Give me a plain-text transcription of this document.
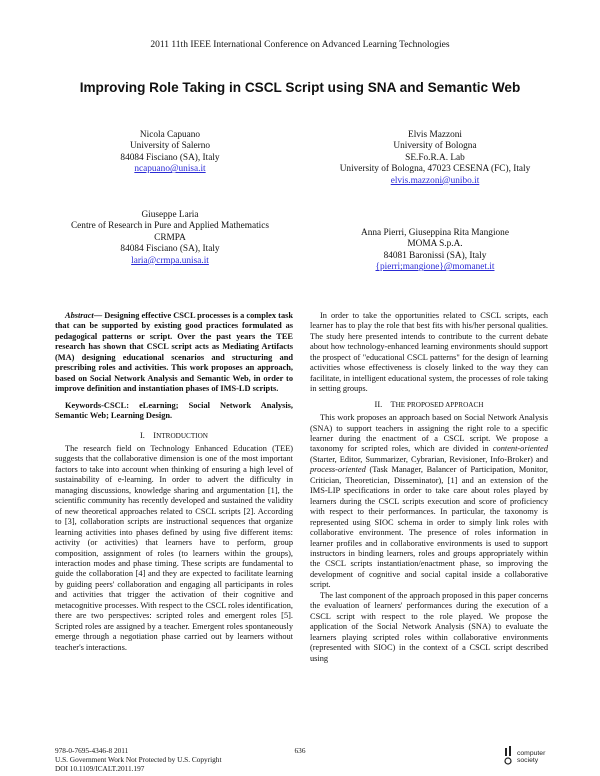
2011 11th IEEE International Conference on Advanced Learning Technologies
Improving Role Taking in CSCL Script using SNA and Semantic Web
Nicola Capuano
University of Salerno
84084 Fisciano (SA), Italy
ncapuano@unisa.it
Elvis Mazzoni
University of Bologna
SE.Fo.R.A. Lab
University of Bologna, 47023 CESENA (FC), Italy
elvis.mazzoni@unibo.it
Giuseppe Laria
Centre of Research in Pure and Applied Mathematics
CRMPA
84084 Fisciano (SA), Italy
laria@crmpa.unisa.it
Anna Pierri, Giuseppina Rita Mangione
MOMA S.p.A.
84081 Baronissi (SA), Italy
{pierri;mangione}@momanet.it

Abstract— Designing effective CSCL processes is a complex task that can be supported by existing good practices formulated as pedagogical patterns or script. Over the past years the TEE research has shown that CSCL script acts as Mediating Artifacts (MA) designing educational scenarios and structuring and prescribing roles and activities. This work proposes an approach, based on Social Network Analysis and Semantic Web, in order to improve definition and instantiation phases of IMS-LD scripts.

Keywords-CSCL: eLearning; Social Network Analysis, Semantic Web; Learning Design.

I. INTRODUCTION

The research field on Technology Enhanced Education (TEE) suggests that the collaborative dimension is one of the most important factors to take into account when thinking of ensuring a high level of sustainability of e-learning. In order to advert the difficulty in managing discussions, knowledge sharing and argumentation [1], the scientific community has recently developed and sustained the validity of new theoretical approaches related to CSCL scripts [2]. According to [3], collaboration scripts are instructional sequences that organize learning activities into phases defined by using five different items: activity (or activities) that learners have to perform, group composition, assignment of roles (to learners within the groups), interaction modes and phase timing. These scripts are fundamental to guide the collaboration [4] and they are expected to facilitate learning by guiding peers' collaboration and engaging all participants in roles and activities that trigger the activation of their cognitive and metacognitive processes. With respect to the CSCL roles identification, there are two perspectives: scripted roles and emergent roles [5]. Scripted roles are assigned by a teacher. Emergent roles spontaneously emerge through a negotiation phase carried out by learners without teacher's interactions.

In order to take the opportunities related to CSCL scripts, each learner has to play the role that best fits with his/her personal qualities. The study here presented intends to contribute to the current debate about how technology-enhanced learning environments should support the prospect of "educational CSCL patterns" for the design of learning activities whose effectiveness is closely linked to the way they can facilitate, in intelligent educational system, the processes of role taking in setting groups.

II. THE PROPOSED APPROACH

This work proposes an approach based on Social Network Analysis (SNA) to support teachers in assigning the right role to a specific learner during the enactment of a CSCL script. We propose a taxonomy for scripted roles, which are divided in content-oriented (Starter, Editor, Summarizer, Cybrarian, Revisioner, Info-Broker) and process-oriented (Task Manager, Balancer of Participation, Monitor, Critician, Theoretician, Disseminator), [1] and an extension of the IMS-LIP specifications in order to take care about roles played by learners during the CSCL scripts execution and score of proficiency with respect to their performances. In particular, the taxonomy is represented using SIOC schema in order to simply link roles with collaborative environment. The presence of roles information in learner profiles and in collaborative environments is used to support instructors in binding learners, roles and groups appropriately within the CSCL scripts instantiation/enactment phase, so improving the development of cognitive and social capital inside a collaborative script.

The last component of the approach proposed in this paper concerns the evaluation of learners' performances during the execution of a CSCL script with respect to the role played. We propose the application of the Social Network Analysis (SNA) to evaluate the learners playing scripted roles within collaborative environments (represented with SIOC) in the context of a CSCL script described using

978-0-7695-4346-8 2011
U.S. Government Work Not Protected by U.S. Copyright
DOI 10.1109/ICALT.2011.197
636	computer
society
